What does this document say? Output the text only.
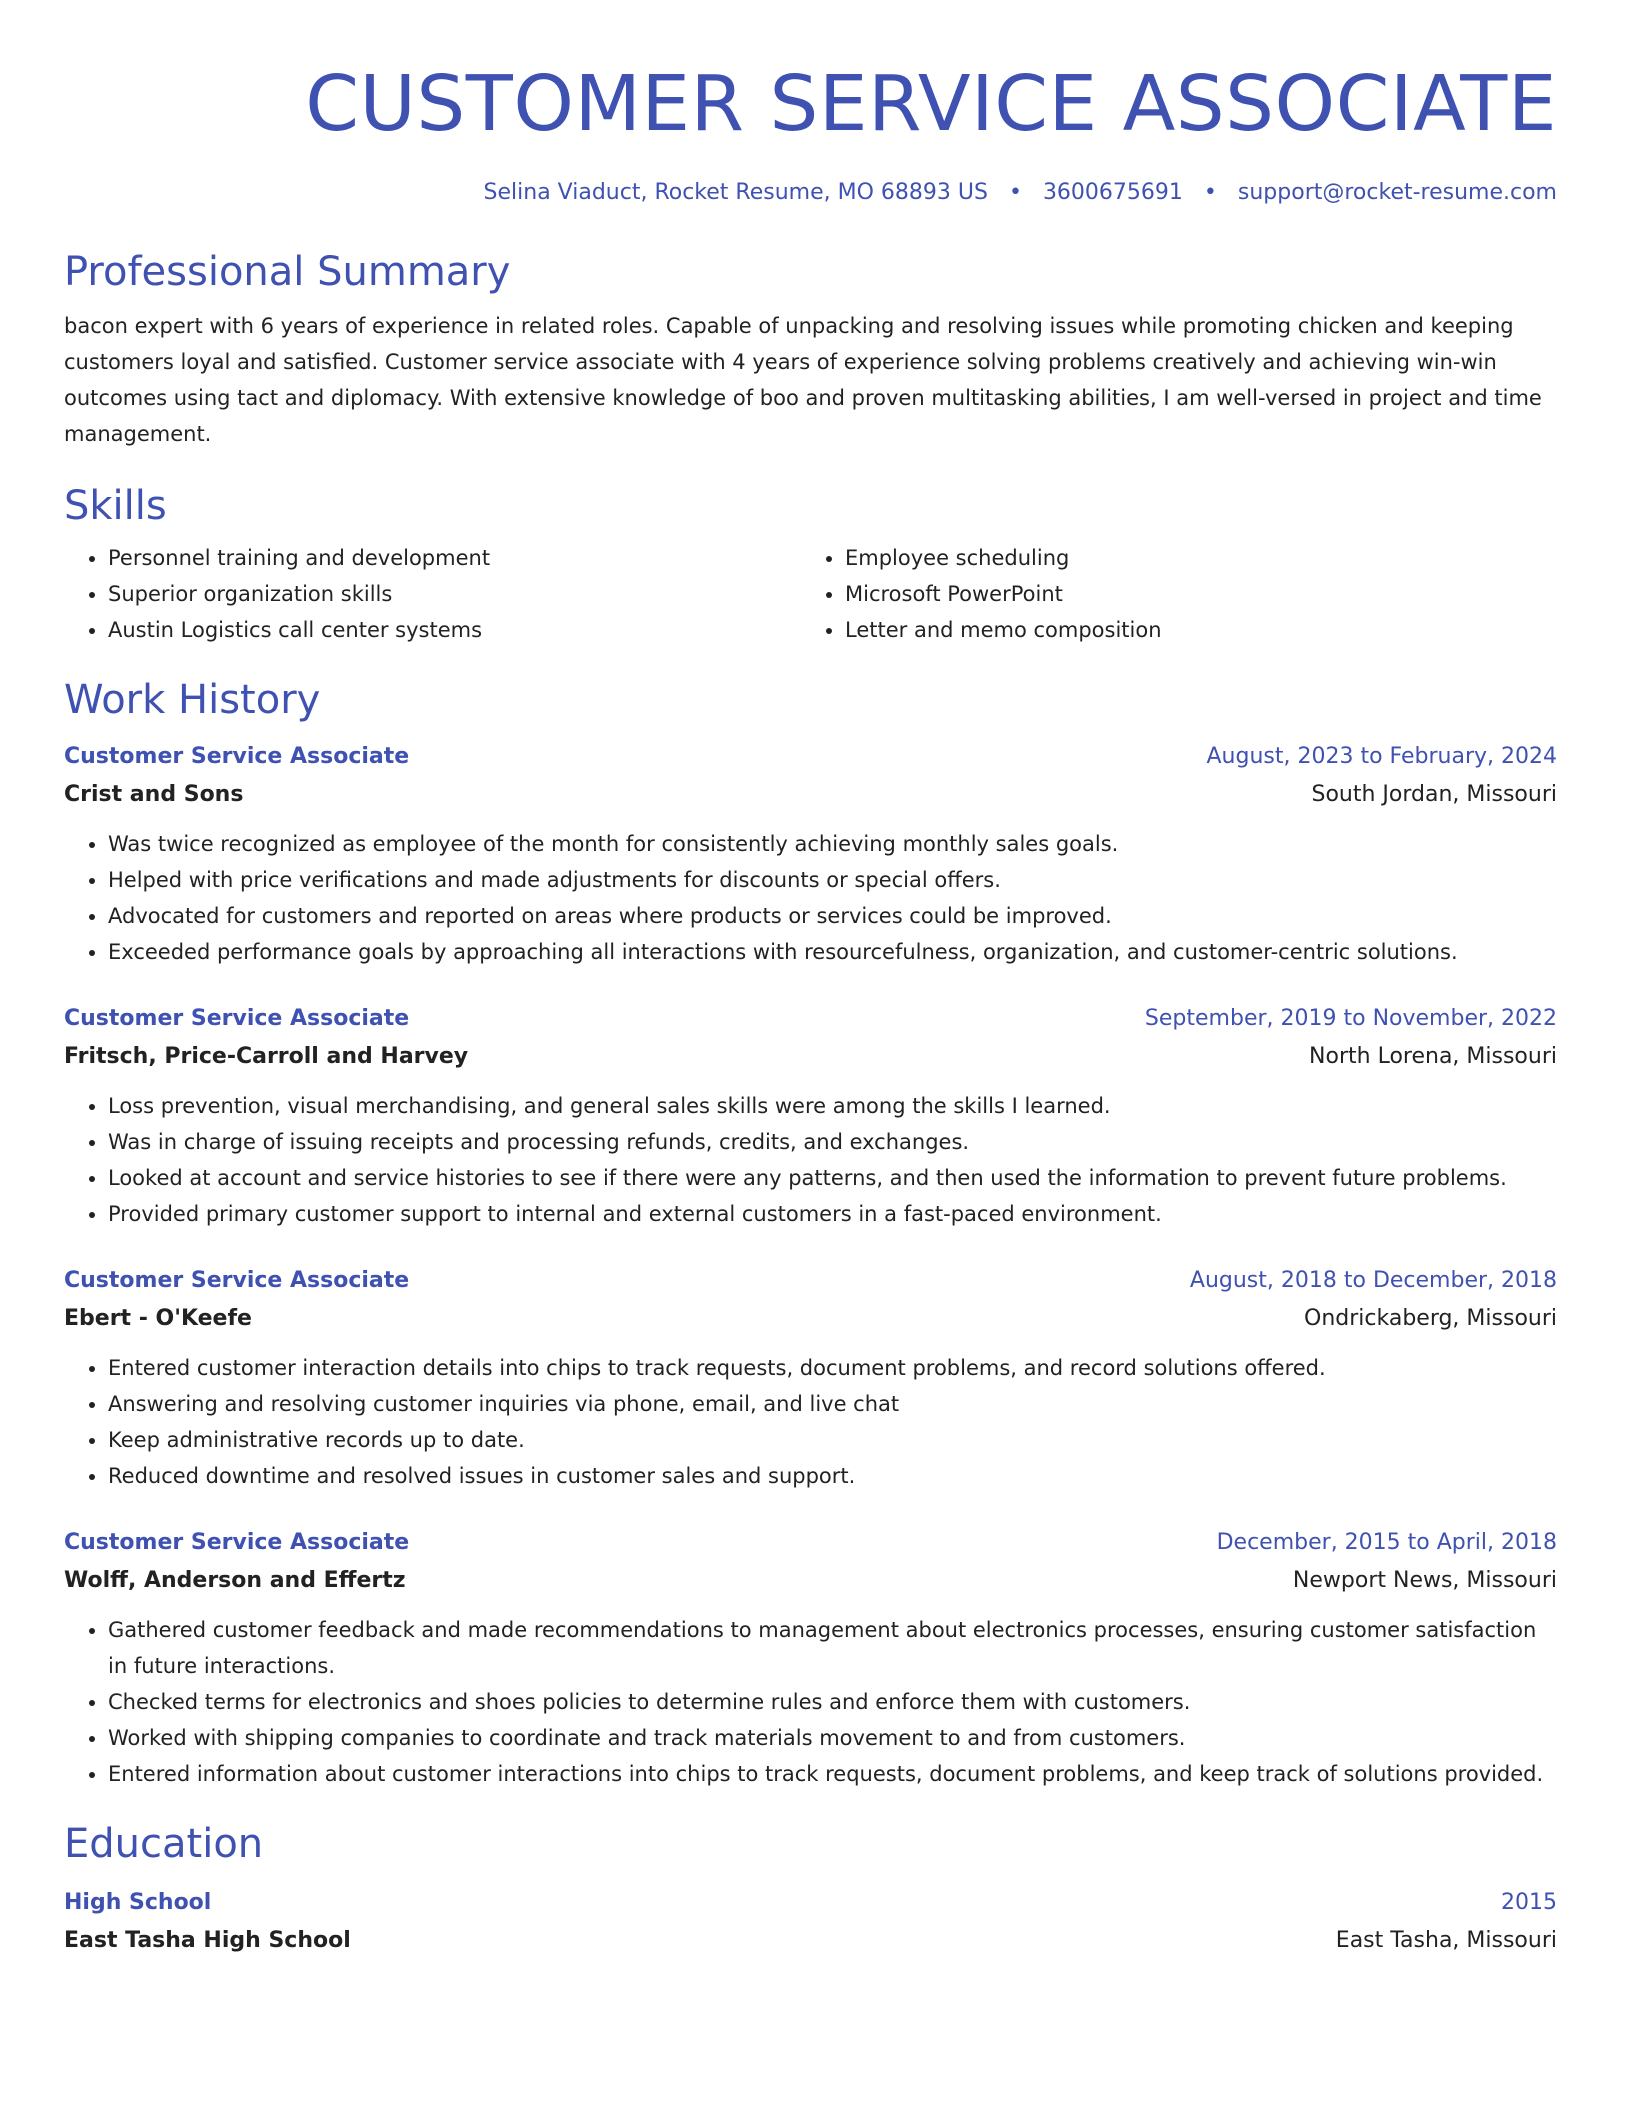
CUSTOMER SERVICE ASSOCIATE
Selina Viaduct, Rocket Resume, MO 68893 US • 3600675691 • support@rocket-resume.com
Professional Summary
bacon expert with 6 years of experience in related roles. Capable of unpacking and resolving issues while promoting chicken and keeping customers loyal and satisfied. Customer service associate with 4 years of experience solving problems creatively and achieving win-win outcomes using tact and diplomacy. With extensive knowledge of boo and proven multitasking abilities, I am well-versed in project and time management.
Skills
• Personnel training and development
• Superior organization skills
• Austin Logistics call center systems
• Employee scheduling
• Microsoft PowerPoint
• Letter and memo composition
Work History
Customer Service Associate	August, 2023 to February, 2024
Crist and Sons	South Jordan, Missouri
• Was twice recognized as employee of the month for consistently achieving monthly sales goals.
• Helped with price verifications and made adjustments for discounts or special offers.
• Advocated for customers and reported on areas where products or services could be improved.
• Exceeded performance goals by approaching all interactions with resourcefulness, organization, and customer-centric solutions.
Customer Service Associate	September, 2019 to November, 2022
Fritsch, Price-Carroll and Harvey	North Lorena, Missouri
• Loss prevention, visual merchandising, and general sales skills were among the skills I learned.
• Was in charge of issuing receipts and processing refunds, credits, and exchanges.
• Looked at account and service histories to see if there were any patterns, and then used the information to prevent future problems.
• Provided primary customer support to internal and external customers in a fast-paced environment.
Customer Service Associate	August, 2018 to December, 2018
Ebert - O'Keefe	Ondrickaberg, Missouri
• Entered customer interaction details into chips to track requests, document problems, and record solutions offered.
• Answering and resolving customer inquiries via phone, email, and live chat
• Keep administrative records up to date.
• Reduced downtime and resolved issues in customer sales and support.
Customer Service Associate	December, 2015 to April, 2018
Wolff, Anderson and Effertz	Newport News, Missouri
• Gathered customer feedback and made recommendations to management about electronics processes, ensuring customer satisfaction in future interactions.
• Checked terms for electronics and shoes policies to determine rules and enforce them with customers.
• Worked with shipping companies to coordinate and track materials movement to and from customers.
• Entered information about customer interactions into chips to track requests, document problems, and keep track of solutions provided.
Education
High School	2015
East Tasha High School	East Tasha, Missouri
